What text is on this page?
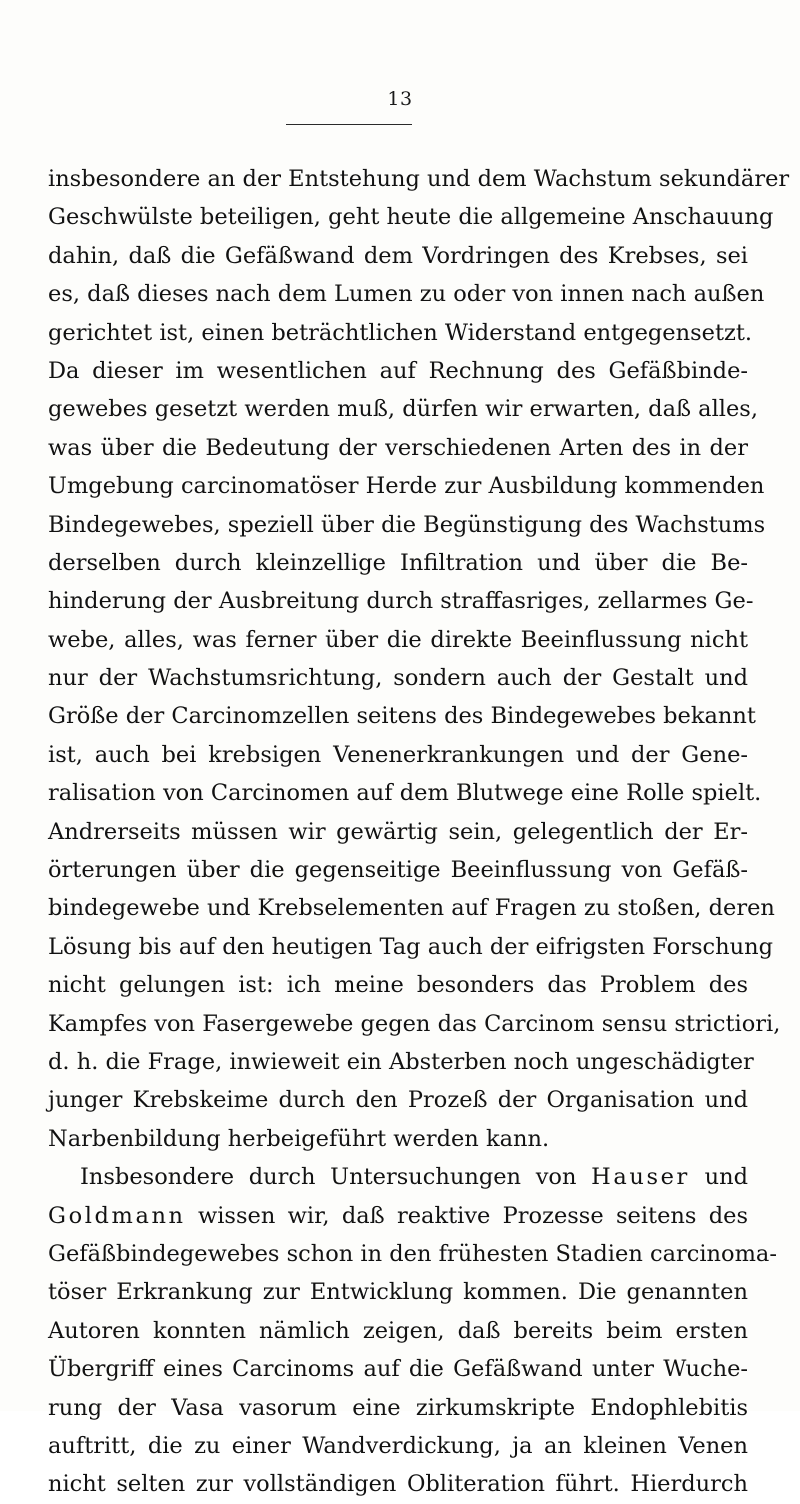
13
insbesondere an der Entstehung und dem Wachstum sekundärer
Geschwülste beteiligen, geht heute die allgemeine Anschauung
dahin, daß die Gefäßwand dem Vordringen des Krebses, sei
es, daß dieses nach dem Lumen zu oder von innen nach außen
gerichtet ist, einen beträchtlichen Widerstand entgegensetzt.
Da dieser im wesentlichen auf Rechnung des Gefäßbinde-
gewebes gesetzt werden muß, dürfen wir erwarten, daß alles,
was über die Bedeutung der verschiedenen Arten des in der
Umgebung carcinomatöser Herde zur Ausbildung kommenden
Bindegewebes, speziell über die Begünstigung des Wachstums
derselben durch kleinzellige Infiltration und über die Be-
hinderung der Ausbreitung durch straffasriges, zellarmes Ge-
webe, alles, was ferner über die direkte Beeinflussung nicht
nur der Wachstumsrichtung, sondern auch der Gestalt und
Größe der Carcinomzellen seitens des Bindegewebes bekannt
ist, auch bei krebsigen Venenerkrankungen und der Gene-
ralisation von Carcinomen auf dem Blutwege eine Rolle spielt.
Andrerseits müssen wir gewärtig sein, gelegentlich der Er-
örterungen über die gegenseitige Beeinflussung von Gefäß-
bindegewebe und Krebselementen auf Fragen zu stoßen, deren
Lösung bis auf den heutigen Tag auch der eifrigsten Forschung
nicht gelungen ist: ich meine besonders das Problem des
Kampfes von Fasergewebe gegen das Carcinom sensu strictiori,
d. h. die Frage, inwieweit ein Absterben noch ungeschädigter
junger Krebskeime durch den Prozeß der Organisation und
Narbenbildung herbeigeführt werden kann.
Insbesondere durch Untersuchungen von Hauser und
Goldmann wissen wir, daß reaktive Prozesse seitens des
Gefäßbindegewebes schon in den frühesten Stadien carcinoma-
töser Erkrankung zur Entwicklung kommen. Die genannten
Autoren konnten nämlich zeigen, daß bereits beim ersten
Übergriff eines Carcinoms auf die Gefäßwand unter Wuche-
rung der Vasa vasorum eine zirkumskripte Endophlebitis
auftritt, die zu einer Wandverdickung, ja an kleinen Venen
nicht selten zur vollständigen Obliteration führt. Hierdurch
